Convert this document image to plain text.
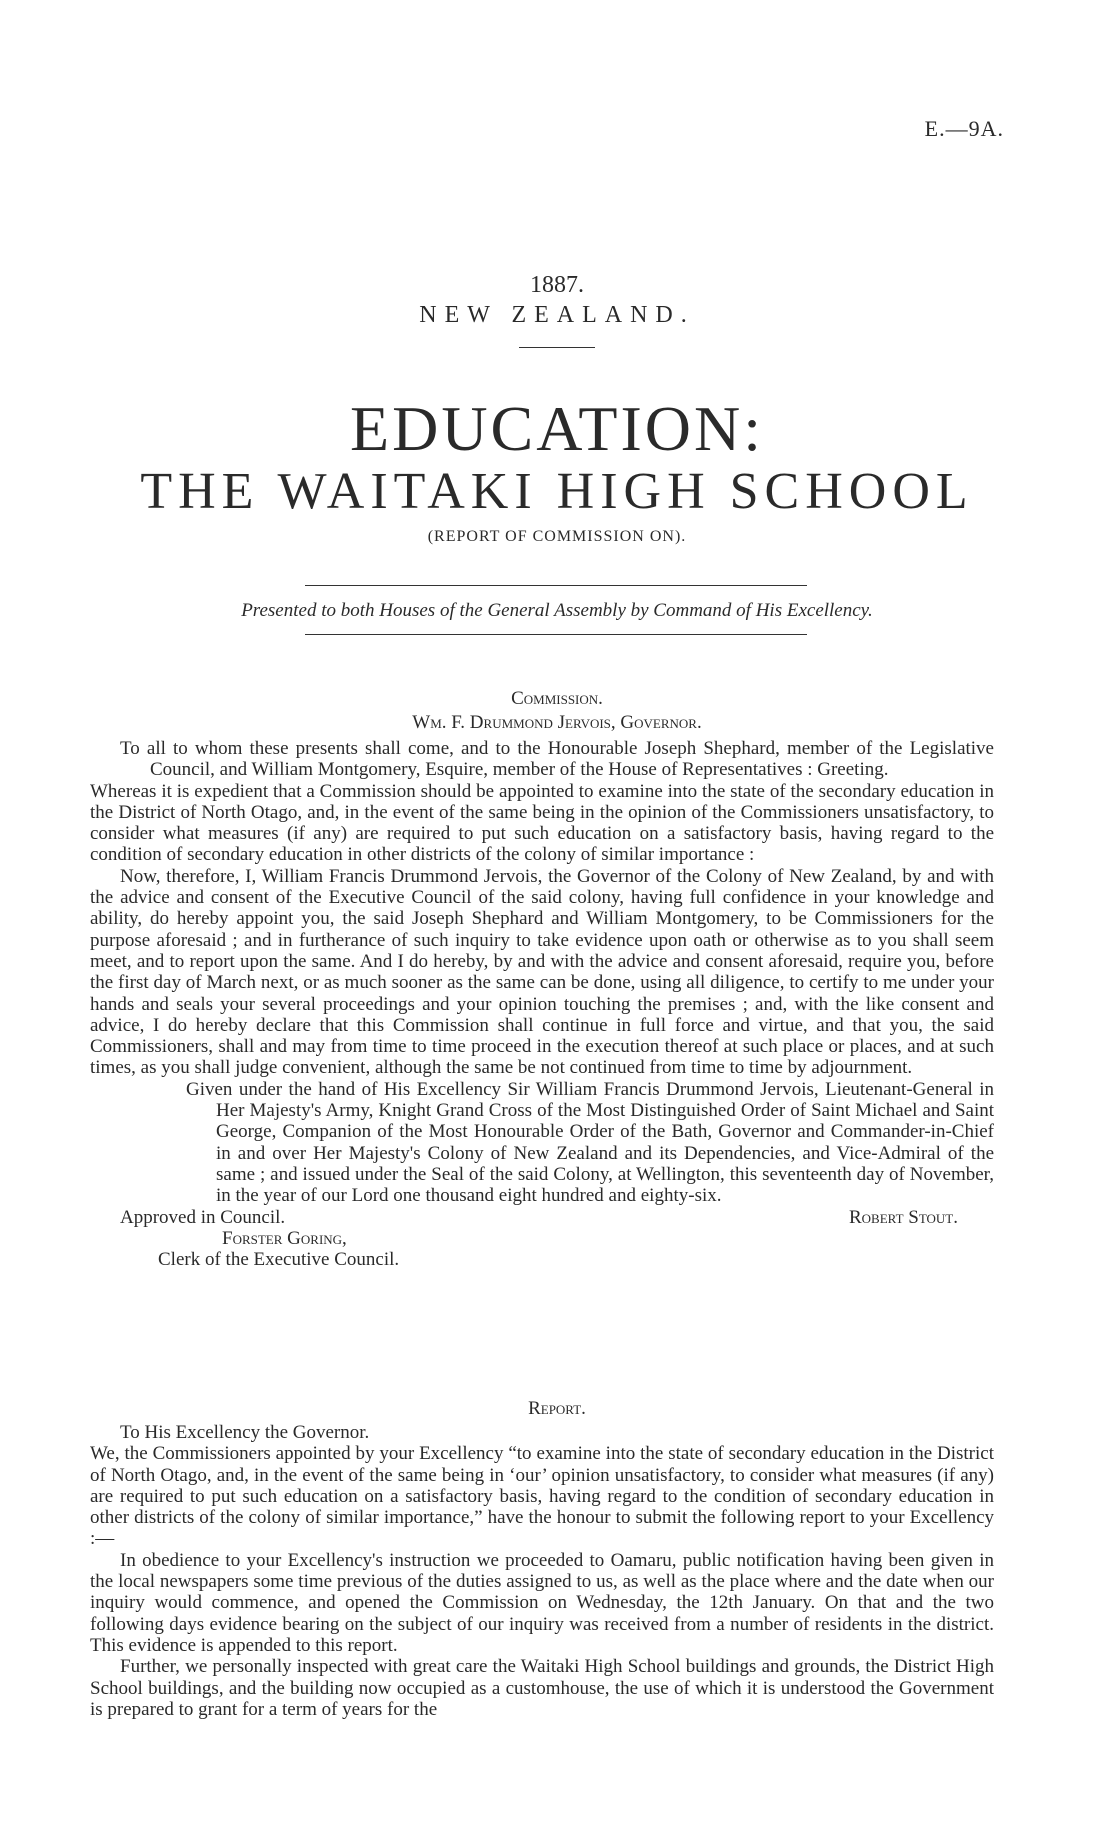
E.—9A.
1887.
NEW ZEALAND.
EDUCATION:
THE WAITAKI HIGH SCHOOL
(REPORT OF COMMISSION ON).
Presented to both Houses of the General Assembly by Command of His Excellency.
Commission.
Wm. F. Drummond Jervois, Governor.

To all to whom these presents shall come, and to the Honourable Joseph Shephard, member of the Legislative Council, and William Montgomery, Esquire, member of the House of Representatives : Greeting.

Whereas it is expedient that a Commission should be appointed to examine into the state of the secondary education in the District of North Otago, and, in the event of the same being in the opinion of the Commissioners unsatisfactory, to consider what measures (if any) are required to put such education on a satisfactory basis, having regard to the condition of secondary education in other districts of the colony of similar importance :

Now, therefore, I, William Francis Drummond Jervois, the Governor of the Colony of New Zealand, by and with the advice and consent of the Executive Council of the said colony, having full confidence in your knowledge and ability, do hereby appoint you, the said Joseph Shephard and William Montgomery, to be Commissioners for the purpose aforesaid ; and in furtherance of such inquiry to take evidence upon oath or otherwise as to you shall seem meet, and to report upon the same. And I do hereby, by and with the advice and consent aforesaid, require you, before the first day of March next, or as much sooner as the same can be done, using all diligence, to certify to me under your hands and seals your several proceedings and your opinion touching the premises ; and, with the like consent and advice, I do hereby declare that this Commission shall continue in full force and virtue, and that you, the said Commissioners, shall and may from time to time proceed in the execution thereof at such place or places, and at such times, as you shall judge convenient, although the same be not continued from time to time by adjournment.

Given under the hand of His Excellency Sir William Francis Drummond Jervois, Lieutenant-General in Her Majesty's Army, Knight Grand Cross of the Most Distinguished Order of Saint Michael and Saint George, Companion of the Most Honourable Order of the Bath, Governor and Commander-in-Chief in and over Her Majesty's Colony of New Zealand and its Dependencies, and Vice-Admiral of the same ; and issued under the Seal of the said Colony, at Wellington, this seventeenth day of November, in the year of our Lord one thousand eight hundred and eighty-six.

Approved in Council.	Robert Stout.
Forster Goring,
Clerk of the Executive Council.
Report.

To His Excellency the Governor.

We, the Commissioners appointed by your Excellency “to examine into the state of secondary education in the District of North Otago, and, in the event of the same being in ‘our’ opinion unsatisfactory, to consider what measures (if any) are required to put such education on a satisfactory basis, having regard to the condition of secondary education in other districts of the colony of similar importance,” have the honour to submit the following report to your Excellency :—

In obedience to your Excellency's instruction we proceeded to Oamaru, public notification having been given in the local newspapers some time previous of the duties assigned to us, as well as the place where and the date when our inquiry would commence, and opened the Commission on Wednesday, the 12th January. On that and the two following days evidence bearing on the subject of our inquiry was received from a number of residents in the district. This evidence is appended to this report.

Further, we personally inspected with great care the Waitaki High School buildings and grounds, the District High School buildings, and the building now occupied as a customhouse, the use of which it is understood the Government is prepared to grant for a term of years for the
